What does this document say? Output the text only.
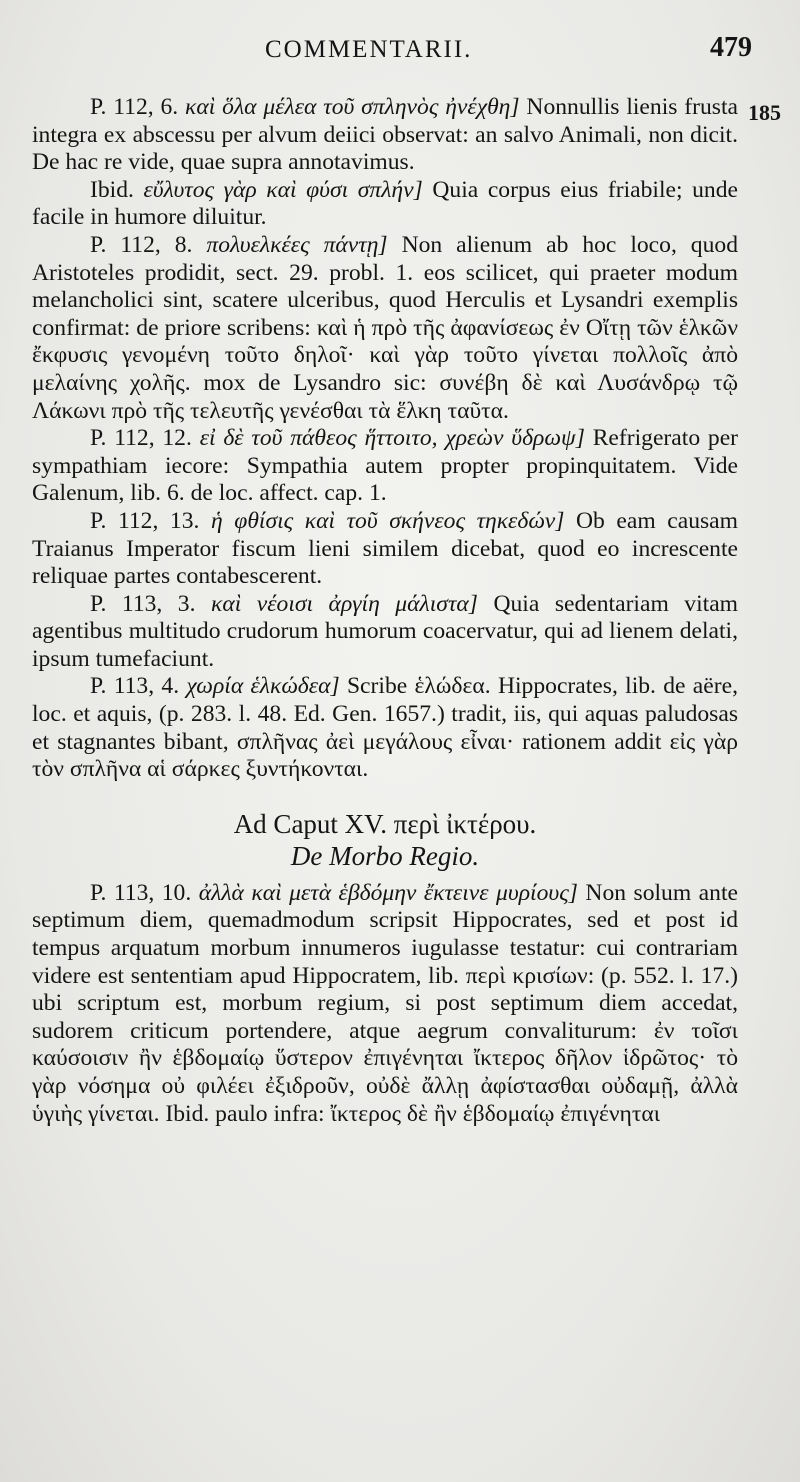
COMMENTARII.	479
185

P. 112, 6. καὶ ὅλα μέλεα τοῦ σπληνὸς ἠνέχθη] Nonnullis lienis frusta integra ex abscessu per alvum deiici observat: an salvo Animali, non dicit. De hac re vide, quae supra annotavimus.

Ibid. εὔλυτος γὰρ καὶ φύσι σπλήν] Quia corpus eius friabile; unde facile in humore diluitur.

P. 112, 8. πολυελκέες πάντῃ] Non alienum ab hoc loco, quod Aristoteles prodidit, sect. 29. probl. 1. eos scilicet, qui praeter modum melancholici sint, scatere ulceribus, quod Herculis et Lysandri exemplis confirmat: de priore scribens: καὶ ἡ πρὸ τῆς ἀφανίσεως ἐν Οἴτῃ τῶν ἑλκῶν ἔκφυσις γενομένη τοῦτο δηλοῖ· καὶ γὰρ τοῦτο γίνεται πολλοῖς ἀπὸ μελαίνης χολῆς. mox de Lysandro sic: συνέβη δὲ καὶ Λυσάνδρῳ τῷ Λάκωνι πρὸ τῆς τελευτῆς γενέσθαι τὰ ἕλκη ταῦτα.

P. 112, 12. εἰ δὲ τοῦ πάθεος ἥττοιτο, χρεὼν ὕδρωψ] Refrigerato per sympathiam iecore: Sympathia autem propter propinquitatem. Vide Galenum, lib. 6. de loc. affect. cap. 1.

P. 112, 13. ἡ φθίσις καὶ τοῦ σκήνεος τηκεδών] Ob eam causam Traianus Imperator fiscum lieni similem dicebat, quod eo increscente reliquae partes contabescerent.

P. 113, 3. καὶ νέοισι ἀργίη μάλιστα] Quia sedentariam vitam agentibus multitudo crudorum humorum coacervatur, qui ad lienem delati, ipsum tumefaciunt.

P. 113, 4. χωρία ἑλκώδεα] Scribe ἑλώδεα. Hippocrates, lib. de aëre, loc. et aquis, (p. 283. l. 48. Ed. Gen. 1657.) tradit, iis, qui aquas paludosas et stagnantes bibant, σπλῆνας ἀεὶ μεγάλους εἶναι· rationem addit εἰς γὰρ τὸν σπλῆνα αἱ σάρκες ξυντήκονται.

Ad Caput XV. περὶ ἰκτέρου.
De Morbo Regio.

P. 113, 10. ἀλλὰ καὶ μετὰ ἑβδόμην ἔκτεινε μυρίους] Non solum ante septimum diem, quemadmodum scripsit Hippocrates, sed et post id tempus arquatum morbum innumeros iugulasse testatur: cui contrariam videre est sententiam apud Hippocratem, lib. περὶ κρισίων: (p. 552. l. 17.) ubi scriptum est, morbum regium, si post septimum diem accedat, sudorem criticum portendere, atque aegrum convaliturum: ἐν τοῖσι καύσοισιν ἢν ἑβδομαίῳ ὕστερον ἐπιγένηται ἴκτερος δῆλον ἱδρῶτος· τὸ γὰρ νόσημα οὐ φιλέει ἐξιδροῦν, οὐδὲ ἄλλῃ ἀφίστασθαι οὐδαμῇ, ἀλλὰ ὑγιὴς γίνεται. Ibid. paulo infra: ἴκτερος δὲ ἢν ἑβδομαίῳ ἐπιγένηται
